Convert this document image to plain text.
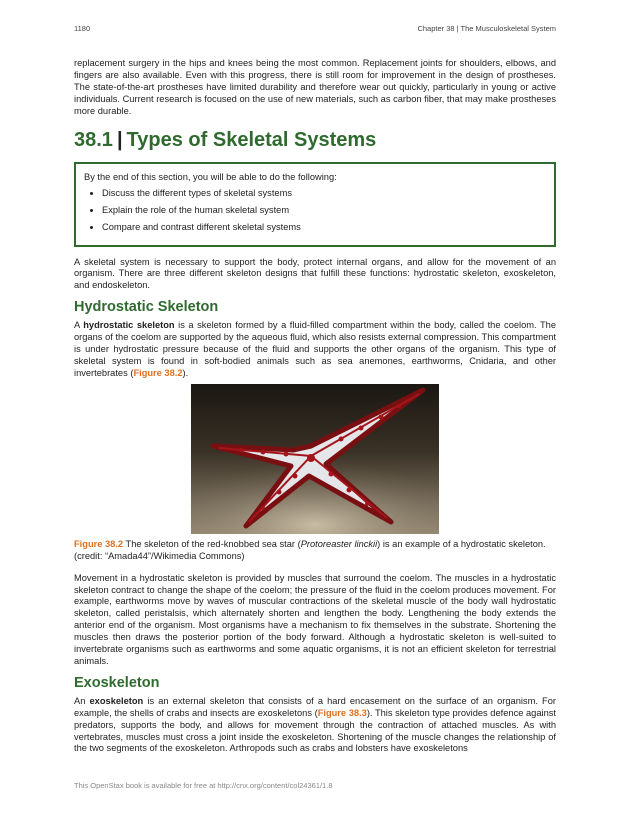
1180	Chapter 38 | The Musculoskeletal System

replacement surgery in the hips and knees being the most common. Replacement joints for shoulders, elbows, and fingers are also available. Even with this progress, there is still room for improvement in the design of prostheses. The state-of-the-art prostheses have limited durability and therefore wear out quickly, particularly in young or active individuals. Current research is focused on the use of new materials, such as carbon fiber, that may make prostheses more durable.

38.1 | Types of Skeletal Systems

By the end of this section, you will be able to do the following:

• Discuss the different types of skeletal systems
• Explain the role of the human skeletal system
• Compare and contrast different skeletal systems

A skeletal system is necessary to support the body, protect internal organs, and allow for the movement of an organism. There are three different skeleton designs that fulfill these functions: hydrostatic skeleton, exoskeleton, and endoskeleton.

Hydrostatic Skeleton

A hydrostatic skeleton is a skeleton formed by a fluid-filled compartment within the body, called the coelom. The organs of the coelom are supported by the aqueous fluid, which also resists external compression. This compartment is under hydrostatic pressure because of the fluid and supports the other organs of the organism. This type of skeletal system is found in soft-bodied animals such as sea anemones, earthworms, Cnidaria, and other invertebrates (Figure 38.2).

Figure 38.2 The skeleton of the red-knobbed sea star (Protoreaster linckii) is an example of a hydrostatic skeleton. (credit: “Amada44”/Wikimedia Commons)

Movement in a hydrostatic skeleton is provided by muscles that surround the coelom. The muscles in a hydrostatic skeleton contract to change the shape of the coelom; the pressure of the fluid in the coelom produces movement. For example, earthworms move by waves of muscular contractions of the skeletal muscle of the body wall hydrostatic skeleton, called peristalsis, which alternately shorten and lengthen the body. Lengthening the body extends the anterior end of the organism. Most organisms have a mechanism to fix themselves in the substrate. Shortening the muscles then draws the posterior portion of the body forward. Although a hydrostatic skeleton is well-suited to invertebrate organisms such as earthworms and some aquatic organisms, it is not an efficient skeleton for terrestrial animals.

Exoskeleton

An exoskeleton is an external skeleton that consists of a hard encasement on the surface of an organism. For example, the shells of crabs and insects are exoskeletons (Figure 38.3). This skeleton type provides defence against predators, supports the body, and allows for movement through the contraction of attached muscles. As with vertebrates, muscles must cross a joint inside the exoskeleton. Shortening of the muscle changes the relationship of the two segments of the exoskeleton. Arthropods such as crabs and lobsters have exoskeletons

This OpenStax book is available for free at http://cnx.org/content/col24361/1.8
